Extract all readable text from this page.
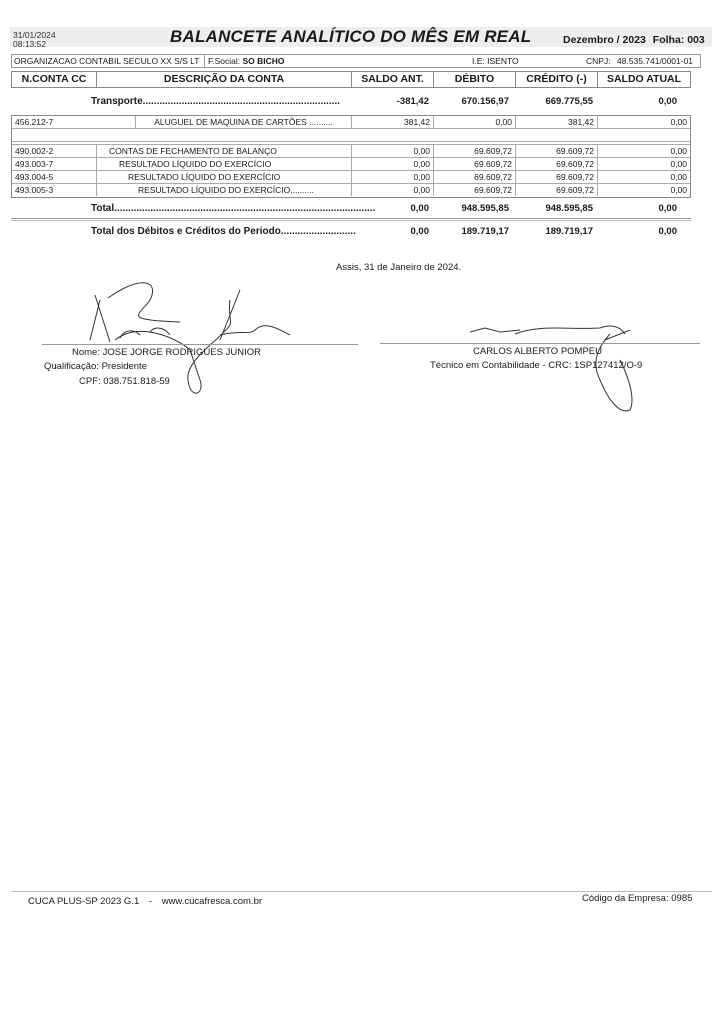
31/01/2024
08:13:52	BALANCETE ANALÍTICO DO MÊS EM REAL	Dezembro / 2023 Folha: 003
ORGANIZACAO CONTABIL SECULO XX S/S LT F.Social: SO BICHO	I.E: ISENTO	CNPJ: 48.535.741/0001-01
N.CONTA CC	DESCRIÇÃO DA CONTA	SALDO ANT.	DÉBITO	CRÉDITO (-)	SALDO ATUAL
Transporte.......................................................................	-381,42	670.156,97	669.775,55	0,00
456.212-7	ALUGUEL DE MAQUINA DE CARTÕES ..........	381,42	0,00	381,42	0,00
490.002-2	CONTAS DE FECHAMENTO DE BALANÇO	0,00	69.609,72	69.609,72	0,00
493.003-7	RESULTADO LÍQUIDO DO EXERCÍCIO	0,00	69.609,72	69.609,72	0,00
493.004-5	RESULTADO LÍQUIDO DO EXERCÍCIO	0,00	69.609,72	69.609,72	0,00
493.005-3	RESULTADO LÍQUIDO DO EXERCÍCIO..........	0,00	69.609,72	69.609,72	0,00
Total..............................................................................................	0,00	948.595,85	948.595,85	0,00
Total dos Débitos e Créditos do Periodo...........................	0,00	189.719,17	189.719,17	0,00
Assis, 31 de Janeiro de 2024.
Nome: JOSE JORGE RODRIGUES JUNIOR
Qualificação: Presidente
CPF: 038.751.818-59
CARLOS ALBERTO POMPEU
Técnico em Contabilidade - CRC: 1SP127412/O-9
CUCA PLUS-SP 2023 G.1 - www.cucafresca.com.br	Código da Empresa: 0985
